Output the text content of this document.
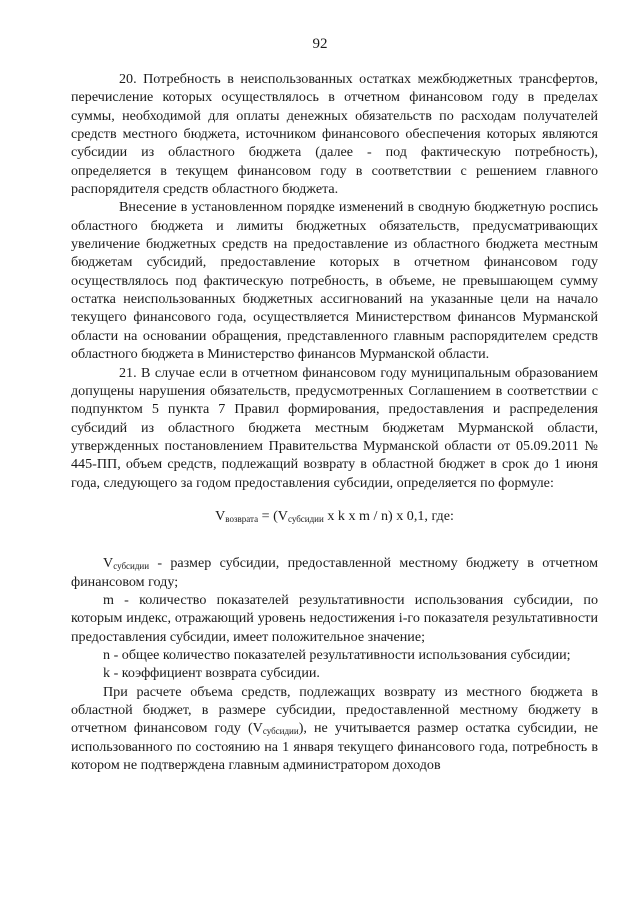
92

20. Потребность в неиспользованных остатках межбюджетных трансфертов, перечисление которых осуществлялось в отчетном финансовом году в пределах суммы, необходимой для оплаты денежных обязательств по расходам получателей средств местного бюджета, источником финансового обеспечения которых являются субсидии из областного бюджета (далее - под фактическую потребность), определяется в текущем финансовом году в соответствии с решением главного распорядителя средств областного бюджета.

Внесение в установленном порядке изменений в сводную бюджетную роспись областного бюджета и лимиты бюджетных обязательств, предусматривающих увеличение бюджетных средств на предоставление из областного бюджета местным бюджетам субсидий, предоставление которых в отчетном финансовом году осуществлялось под фактическую потребность, в объеме, не превышающем сумму остатка неиспользованных бюджетных ассигнований на указанные цели на начало текущего финансового года, осуществляется Министерством финансов Мурманской области на основании обращения, представленного главным распорядителем средств областного бюджета в Министерство финансов Мурманской области.

21. В случае если в отчетном финансовом году муниципальным образованием допущены нарушения обязательств, предусмотренных Соглашением в соответствии с подпунктом 5 пункта 7 Правил формирования, предоставления и распределения субсидий из областного бюджета местным бюджетам Мурманской области, утвержденных постановлением Правительства Мурманской области от 05.09.2011 № 445-ПП, объем средств, подлежащий возврату в областной бюджет в срок до 1 июня года, следующего за годом предоставления субсидии, определяется по формуле:

$V_{возврата} = (V_{субсидии}$ x k x m / n) x 0,1, где:

$V_{субсидии}$ - размер субсидии, предоставленной местному бюджету в отчетном финансовом году;

m - количество показателей результативности использования субсидии, по которым индекс, отражающий уровень недостижения i-го показателя результативности предоставления субсидии, имеет положительное значение;

n - общее количество показателей результативности использования субсидии;

k - коэффициент возврата субсидии.

При расчете объема средств, подлежащих возврату из местного бюджета в областной бюджет, в размере субсидии, предоставленной местному бюджету в отчетном финансовом году $(V_{субсидии})$, не учитывается размер остатка субсидии, не использованного по состоянию на 1 января текущего финансового года, потребность в котором не подтверждена главным администратором доходов
